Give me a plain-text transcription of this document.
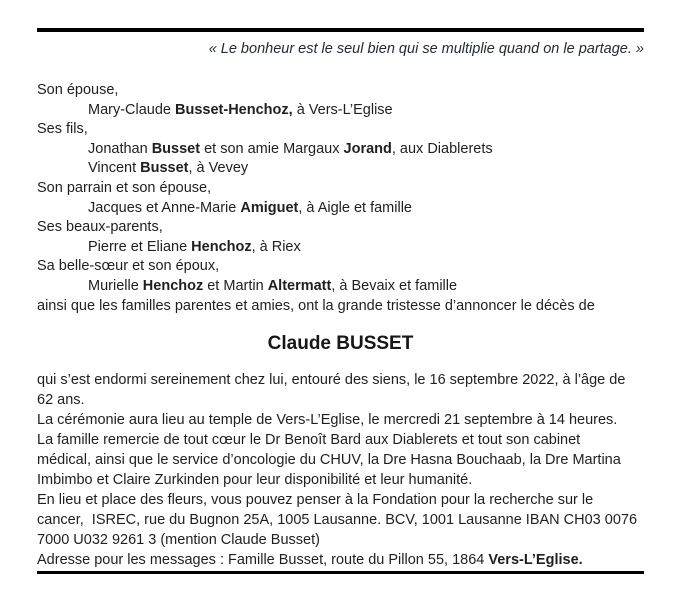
« Le bonheur est le seul bien qui se multiplie quand on le partage. »
Son épouse,
Mary-Claude Busset-Henchoz, à Vers-L’Eglise
Ses fils,
Jonathan Busset et son amie Margaux Jorand, aux Diablerets
Vincent Busset, à Vevey
Son parrain et son épouse,
Jacques et Anne-Marie Amiguet, à Aigle et famille
Ses beaux-parents,
Pierre et Eliane Henchoz, à Riex
Sa belle-sœur et son époux,
Murielle Henchoz et Martin Altermatt, à Bevaix et famille
ainsi que les familles parentes et amies, ont la grande tristesse d’annoncer le décès de
Claude BUSSET
qui s’est endormi sereinement chez lui, entouré des siens, le 16 septembre 2022, à l’âge de
62 ans.
La cérémonie aura lieu au temple de Vers-L’Eglise, le mercredi 21 septembre à 14 heures.
La famille remercie de tout cœur le Dr Benoît Bard aux Diablerets et tout son cabinet
médical, ainsi que le service d’oncologie du CHUV, la Dre Hasna Bouchaab, la Dre Martina
Imbimbo et Claire Zurkinden pour leur disponibilité et leur humanité.
En lieu et place des fleurs, vous pouvez penser à la Fondation pour la recherche sur le
cancer,  ISREC, rue du Bugnon 25A, 1005 Lausanne. BCV, 1001 Lausanne IBAN CH03 0076
7000 U032 9261 3 (mention Claude Busset)
Adresse pour les messages : Famille Busset, route du Pillon 55, 1864 Vers-L’Eglise.
